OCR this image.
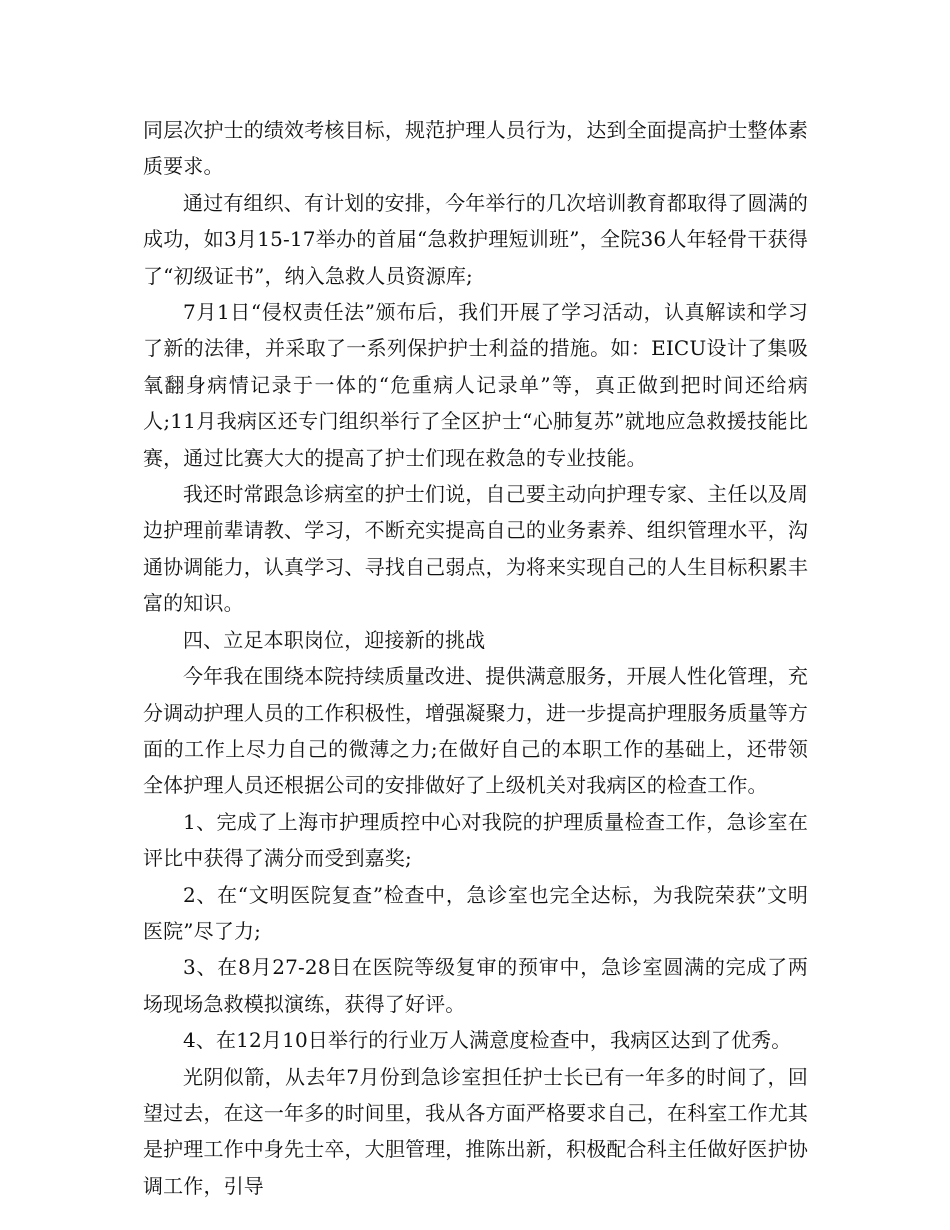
同层次护士的绩效考核目标，规范护理人员行为，达到全面提高护士整体素质要求。

通过有组织、有计划的安排，今年举行的几次培训教育都取得了圆满的成功，如3月15-17举办的首届“急救护理短训班”，全院36人年轻骨干获得了“初级证书”，纳入急救人员资源库;

7月1日“侵权责任法”颁布后，我们开展了学习活动，认真解读和学习了新的法律，并采取了一系列保护护士利益的措施。如：EICU设计了集吸氧翻身病情记录于一体的“危重病人记录单”等，真正做到把时间还给病人;11月我病区还专门组织举行了全区护士“心肺复苏”就地应急救援技能比赛，通过比赛大大的提高了护士们现在救急的专业技能。

我还时常跟急诊病室的护士们说，自己要主动向护理专家、主任以及周边护理前辈请教、学习，不断充实提高自己的业务素养、组织管理水平，沟通协调能力，认真学习、寻找自己弱点，为将来实现自己的人生目标积累丰富的知识。

四、立足本职岗位，迎接新的挑战

今年我在围绕本院持续质量改进、提供满意服务，开展人性化管理，充分调动护理人员的工作积极性，增强凝聚力，进一步提高护理服务质量等方面的工作上尽力自己的微薄之力;在做好自己的本职工作的基础上，还带领全体护理人员还根据公司的安排做好了上级机关对我病区的检查工作。

1、完成了上海市护理质控中心对我院的护理质量检查工作，急诊室在评比中获得了满分而受到嘉奖;

2、在“文明医院复查”检查中，急诊室也完全达标，为我院荣获”文明医院”尽了力;

3、在8月27-28日在医院等级复审的预审中，急诊室圆满的完成了两场现场急救模拟演练，获得了好评。

4、在12月10日举行的行业万人满意度检查中，我病区达到了优秀。

光阴似箭，从去年7月份到急诊室担任护士长已有一年多的时间了，回望过去，在这一年多的时间里，我从各方面严格要求自己，在科室工作尤其是护理工作中身先士卒，大胆管理，推陈出新，积极配合科主任做好医护协调工作，引导
